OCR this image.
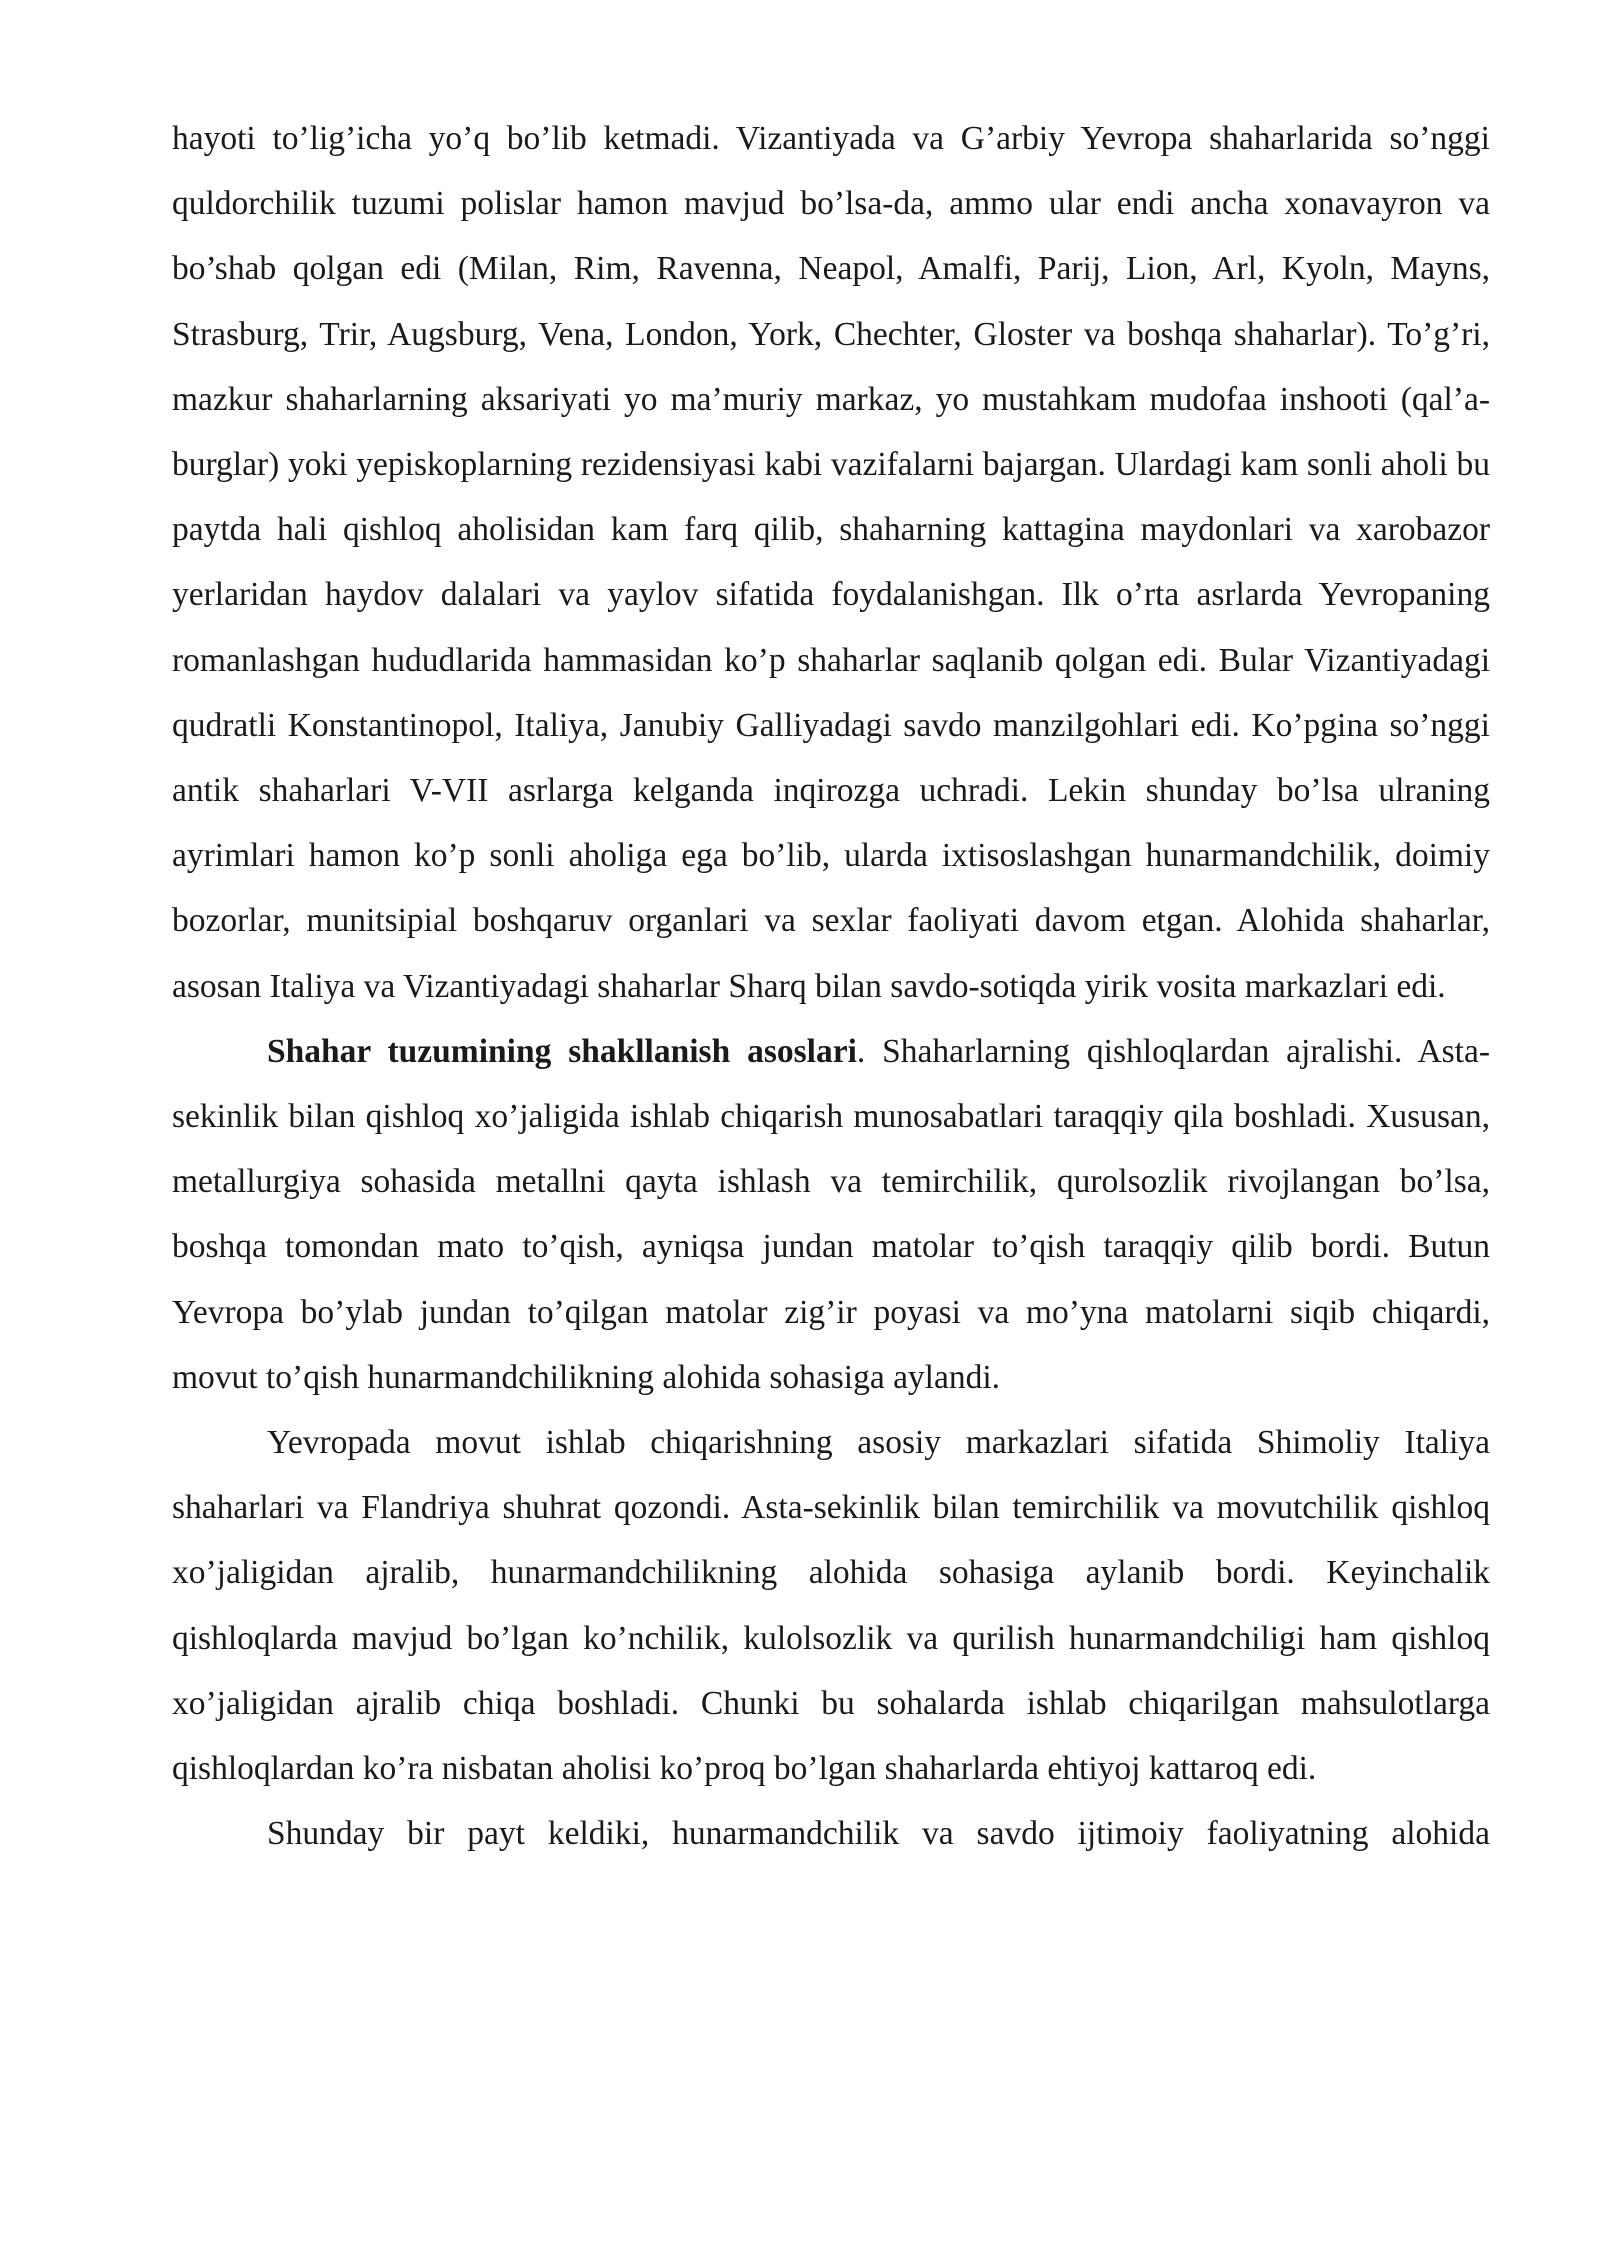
hayoti to’lig’icha yo’q bo’lib ketmadi. Vizantiyada va G’arbiy Yevropa shaharlarida so’nggi quldorchilik tuzumi polislar hamon mavjud bo’lsa-da, ammo ular endi ancha xonavayron va bo’shab qolgan edi (Milan, Rim, Ravenna, Neapol, Amalfi, Parij, Lion, Arl, Kyoln, Mayns, Strasburg, Trir, Augsburg, Vena, London, York, Chechter, Gloster va boshqa shaharlar). To’g’ri, mazkur shaharlarning aksariyati yo ma’muriy markaz, yo mustahkam mudofaa inshooti (qal’a-burglar) yoki yepiskoplarning rezidensiyasi kabi vazifalarni bajargan. Ulardagi kam sonli aholi bu paytda hali qishloq aholisidan kam farq qilib, shaharning kattagina maydonlari va xarobazor yerlaridan haydov dalalari va yaylov sifatida foydalanishgan. Ilk o’rta asrlarda Yevropaning romanlashgan hududlarida hammasidan ko’p shaharlar saqlanib qolgan edi. Bular Vizantiyadagi qudratli Konstantinopol, Italiya, Janubiy Galliyadagi savdo manzilgohlari edi. Ko’pgina so’nggi antik shaharlari V-VII asrlarga kelganda inqirozga uchradi. Lekin shunday bo’lsa ulraning ayrimlari hamon ko’p sonli aholiga ega bo’lib, ularda ixtisoslashgan hunarmandchilik, doimiy bozorlar, munitsipial boshqaruv organlari va sexlar faoliyati davom etgan. Alohida shaharlar, asosan Italiya va Vizantiyadagi shaharlar Sharq bilan savdo-sotiqda yirik vosita markazlari edi.

Shahar tuzumining shakllanish asoslari. Shaharlarning qishloqlardan ajralishi. Asta-sekinlik bilan qishloq xo’jaligida ishlab chiqarish munosabatlari taraqqiy qila boshladi. Xususan, metallurgiya sohasida metallni qayta ishlash va temirchilik, qurolsozlik rivojlangan bo’lsa, boshqa tomondan mato to’qish, ayniqsa jundan matolar to’qish taraqqiy qilib bordi. Butun Yevropa bo’ylab jundan to’qilgan matolar zig’ir poyasi va mo’yna matolarni siqib chiqardi, movut to’qish hunarmandchilikning alohida sohasiga aylandi.

Yevropada movut ishlab chiqarishning asosiy markazlari sifatida Shimoliy Italiya shaharlari va Flandriya shuhrat qozondi. Asta-sekinlik bilan temirchilik va movutchilik qishloq xo’jaligidan ajralib, hunarmandchilikning alohida sohasiga aylanib bordi. Keyinchalik qishloqlarda mavjud bo’lgan ko’nchilik, kulolsozlik va qurilish hunarmandchiligi ham qishloq xo’jaligidan ajralib chiqa boshladi. Chunki bu sohalarda ishlab chiqarilgan mahsulotlarga qishloqlardan ko’ra nisbatan aholisi ko’proq bo’lgan shaharlarda ehtiyoj kattaroq edi.

Shunday bir payt keldiki, hunarmandchilik va savdo ijtimoiy faoliyatning alohida
